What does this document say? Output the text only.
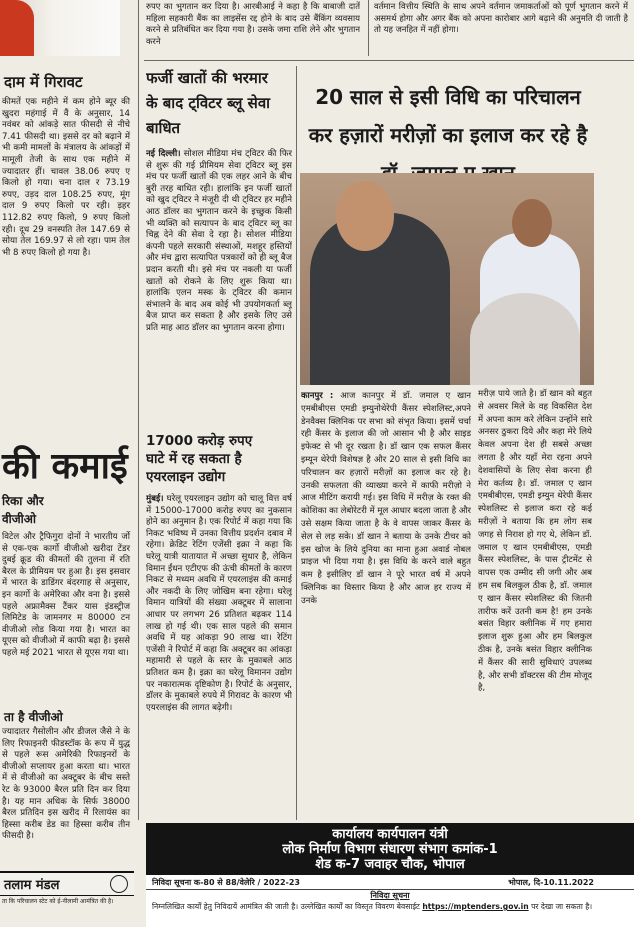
दाम में गिरावट

कीमतें एक महीने में कम होने ब्यूर की खुदरा महंगाई में वैं के अनुसार, 14 नवंबर को आंकड़े सात फीसदी से नीचे 7.41 फीसदी था। इससे दर को बढ़ाने में भी कमी मामलों के मंत्रालय के आंकड़ों में मामूली तेजी के साथ एक महीने में ज्यादातर हीं। चावल 38.06 रुपए ए किलो हो गया। चना दाल र 73.19 रुपए, उड़द दाल 108.25 रुपए, मूंग दाल 9 रुपए किलो पर रही। ड़हर 112.82 रुपए किलो, 9 रुपए किलो रही। दूध 29 वनस्पति तेल 147.69 से सोया तेल 169.97 से लो रहा। पाम तेल भी 8 रुपए किलो हो गया है।

की कमाई
रिका और वीजीओ

विटेल और ट्रैफिगुरा दोनों ने भारतीय र्जो से एक-एक कार्गो वीजीओ खरीदा टेंडर दुबई क्रूड की कीमतों की तुलना में रति बैरल के प्रीमियम पर हुआ है। इस इसवार में भारत के डाडिंगर बंदरगाह से अनुसार, इन कार्गो के अमेरिका और वना है। इससे पहले अफ्रामैक्स टैंकर यास इंडस्ट्रीज लिमिटेड के जामनगर म 80000 टन वीजीओ लोड किया गया है। भारत का यूएस को वीजीओ में काफी बढ़ा है। इससे पहले मई 2021 भारत से यूएस गया था।

ता है वीजीओ

ज्यादातर गैसोलीन और डीजल जैसे ने के लिए रिफाइनरी फीडस्टॉक के रूप में युद्ध से पहले रूस अमेरिकी रिफाइनरों के वीजीओ सप्लायर हुआ करता था। भारत में से वीजीओ का अक्टूबर के बीच सस्ते रेट के 93000 बैरल प्रति दिन कर दिया है। यह मान अधिक के सिर्फ 38000 बैरल प्रतिदिन इस खरीद में रिलायंस का हिस्सा करीब डेड का हिस्सा करीब तीन फीसदी है।

तलाम मंडल

ता कि परिचालन स्टेट को ई-नीलामी आमंत्रित की है।

रुपए का भुगतान कर दिया है। आरबीआई ने कहा है कि बाबाजी दातें महिला सहकारी बैंक का लाइसेंस रद्द होने के बाद उसे बैंकिंग व्यवसाय करने से प्रतिबंधित कर दिया गया है। उसके जमा राशि लेने और भुगतान करने

वर्तमान वित्तीय स्थिति के साथ अपने वर्तमान जमाकर्ताओं को पूर्ण भुगतान करने में असमर्थ होगा और अगर बैंक को अपना कारोबार आगे बढ़ाने की अनुमति दी जाती है तो यह जनहित में नहीं होगा।

फर्जी खातों की भरमार के बाद ट्विटर ब्लू सेवा बाधित

नई दिल्ली। सोशल मीडिया मंच ट्विटर की फिर से शुरू की गई प्रीमियम सेवा ट्विटर ब्लू इस मंच पर फर्जी खातों की एक लहर आने के बीच बुरी तरह बाधित रही। हालांकि इन फर्जी खातों को खुद ट्विटर ने मंजूरी दी थी ट्विटर हर महीने आठ डॉलर का भुगतान करने के इच्छुक किसी भी व्यक्ति को सत्यापन के बाद ट्विटर ब्लू का चिह्न देने की सेवा दे रहा है। सोशल मीडिया कंपनी पहले सरकारी संस्थाओं, मशहूर हस्तियों और मंच द्वारा सत्यापित पत्रकारों को ही ब्लू बैज प्रदान करती थी। इसे मंच पर नकली या फर्जी खातों को रोकने के लिए शुरू किया था। हालांकि एलन मस्क के ट्विटर की कमान संभालने के बाद अब कोई भी उपयोगकर्ता ब्लू बैज प्राप्त कर सकता है और इसके लिए उसे प्रति माह आठ डॉलर का भुगतान करना होगा।

17000 करोड़ रुपए घाटे में रह सकता है एयरलाइन उद्योग

मुंबई। घरेलू एयरलाइन उद्योग को चालू वित्त वर्ष में 15000-17000 करोड़ रुपए का नुकसान होने का अनुमान है। एक रिपोर्ट में कहा गया कि निकट भविष्य में उनका वित्तीय प्रदर्शन दबाव में रहेगा। क्रेडिट रेटिंग एजेंसी इक्रा ने कहा कि घरेलू यात्री यातायात में अच्छा सुधार है, लेकिन विमान ईंधन एटीएफ की ऊंची कीमतों के कारण निकट से मध्यम अवधि में एयरलाइंस की कमाई और नकदी के लिए जोखिम बना रहेगा। घरेलू विमान यात्रियों की संख्या अक्टूबर में सालाना आधार पर लगभग 26 प्रतिशत बढ़कर 114 लाख हो गई थी। एक साल पहले की समान अवधि में यह आंकड़ा 90 लाख था। रेटिंग एजेंसी ने रिपोर्ट में कहा कि अक्टूबर का आंकड़ा महामारी से पहले के स्तर के मुकाबले आठ प्रतिशत कम है। इक्रा का घरेलू विमानन उद्योग पर नकारात्मक दृष्टिकोण है। रिपोर्ट के अनुसार, डॉलर के मुकाबले रुपये में गिरावट के कारण भी एयरलाइंस की लागत बढ़ेगी।

20 साल से इसी विधि का परिचालन कर हज़ारों मरीज़ों का इलाज कर रहे है

कानपुर : आज कानपुर में डॉ. जमाल ए खान एमबीबीएस एमडी इम्युनोथेरेपी कैंसर स्पेशलिस्ट,अपने डेनवैक्स क्लिनिक पर सभा को संभृत किया। इसमें चर्चा रही कैंसर के इलाज की जो आसान भी है और साइड इफेक्ट से भी दूर रखता है। डॉ खान एक सफल कैंसर इम्यून थेरेपी विशेषज्ञ है और 20 साल से इसी विधि का परिचालन कर हज़ारों मरीज़ों का इलाज कर रहे है। उनकी सफलता की व्याख्या करने में काफी मरीज़ो ने आज मीटिंग करायी गई। इस विधि में मरीज़ के रक्त की कोशिका का लेबोरेटरी में मूल आधार बदला जाता है और उसे सक्षम किया जाता है के वे वापस जाकर कैंसर के सेल से लड़ सके। डॉ खान ने बताया के उनके टीचर को इस खोज के लिये दुनिया का माना हुआ अवार्ड नोबल प्राइज भी दिया गया है। इस विधि के करने वाले बहुत कम है इसीलिए डॉ खान ने पूरे भारत वर्ष में अपने क्लिनिक का विस्तार किया है और आज हर राज्य में उनके

मरीज़ पाये जाते है। डॉ खान को बहुत से अवसर मिले के वह विकसित देश में अपना काम करे लेकिन उन्होंने सारे अनसर ठुकरा दिये और कहा मेरे लिये केवल अपना देश ही सबसे अच्छा लगता है और यहाँ मेरा रहना अपने देशवासियों के लिए सेवा करना ही मेरा कर्तव्य है। डॉ. जमाल ए खान एमबीबीएस, एमडी इम्युन थेरेपी कैंसर स्पेशलिस्ट से इलाज करा रहे कई मरीज़ों ने बताया कि हम लोग सब जगह से निराश हो गए थे, लेकिन डॉ. जमाल ए खान एमबीबीएस, एमडी कैंसर स्पेशलिस्ट, के पास ट्रीटमेंट से वापस एक उम्मीद सी जगी और अब हम सब बिलकुल ठीक है, डॉ. जमाल ए खान कैंसर स्पेशलिस्ट की जितनी तारीफ करें उतनी कम है! हम उनके बसंत विहार क्लीनिक में गए हमारा इलाज शुरू हुआ और हम बिलकुल ठीक है, उनके बसंत विहार क्लीनिक में कैंसर की सारी सुविधाएं उपलब्ध है, और सभी डॉक्टरस की टीम मोजूद है,

कार्यालय कार्यपालन यंत्री
लोक निर्माण विभाग संधारण संभाग कमांक-1
शेड क-7 जवाहर चौक, भोपाल
निविदा सूचना क-80 से 88/वेलेरि / 2022-23	भोपाल, दि-10.11.2022
निविदा सूचना
निम्नलिखित कार्यों हेतु निविदायें आमंत्रित की जाती है। उल्लेखित कार्यों का विस्तृत विवरण बेवसाईट https://mptenders.gov.in पर देखा जा सकता है।
